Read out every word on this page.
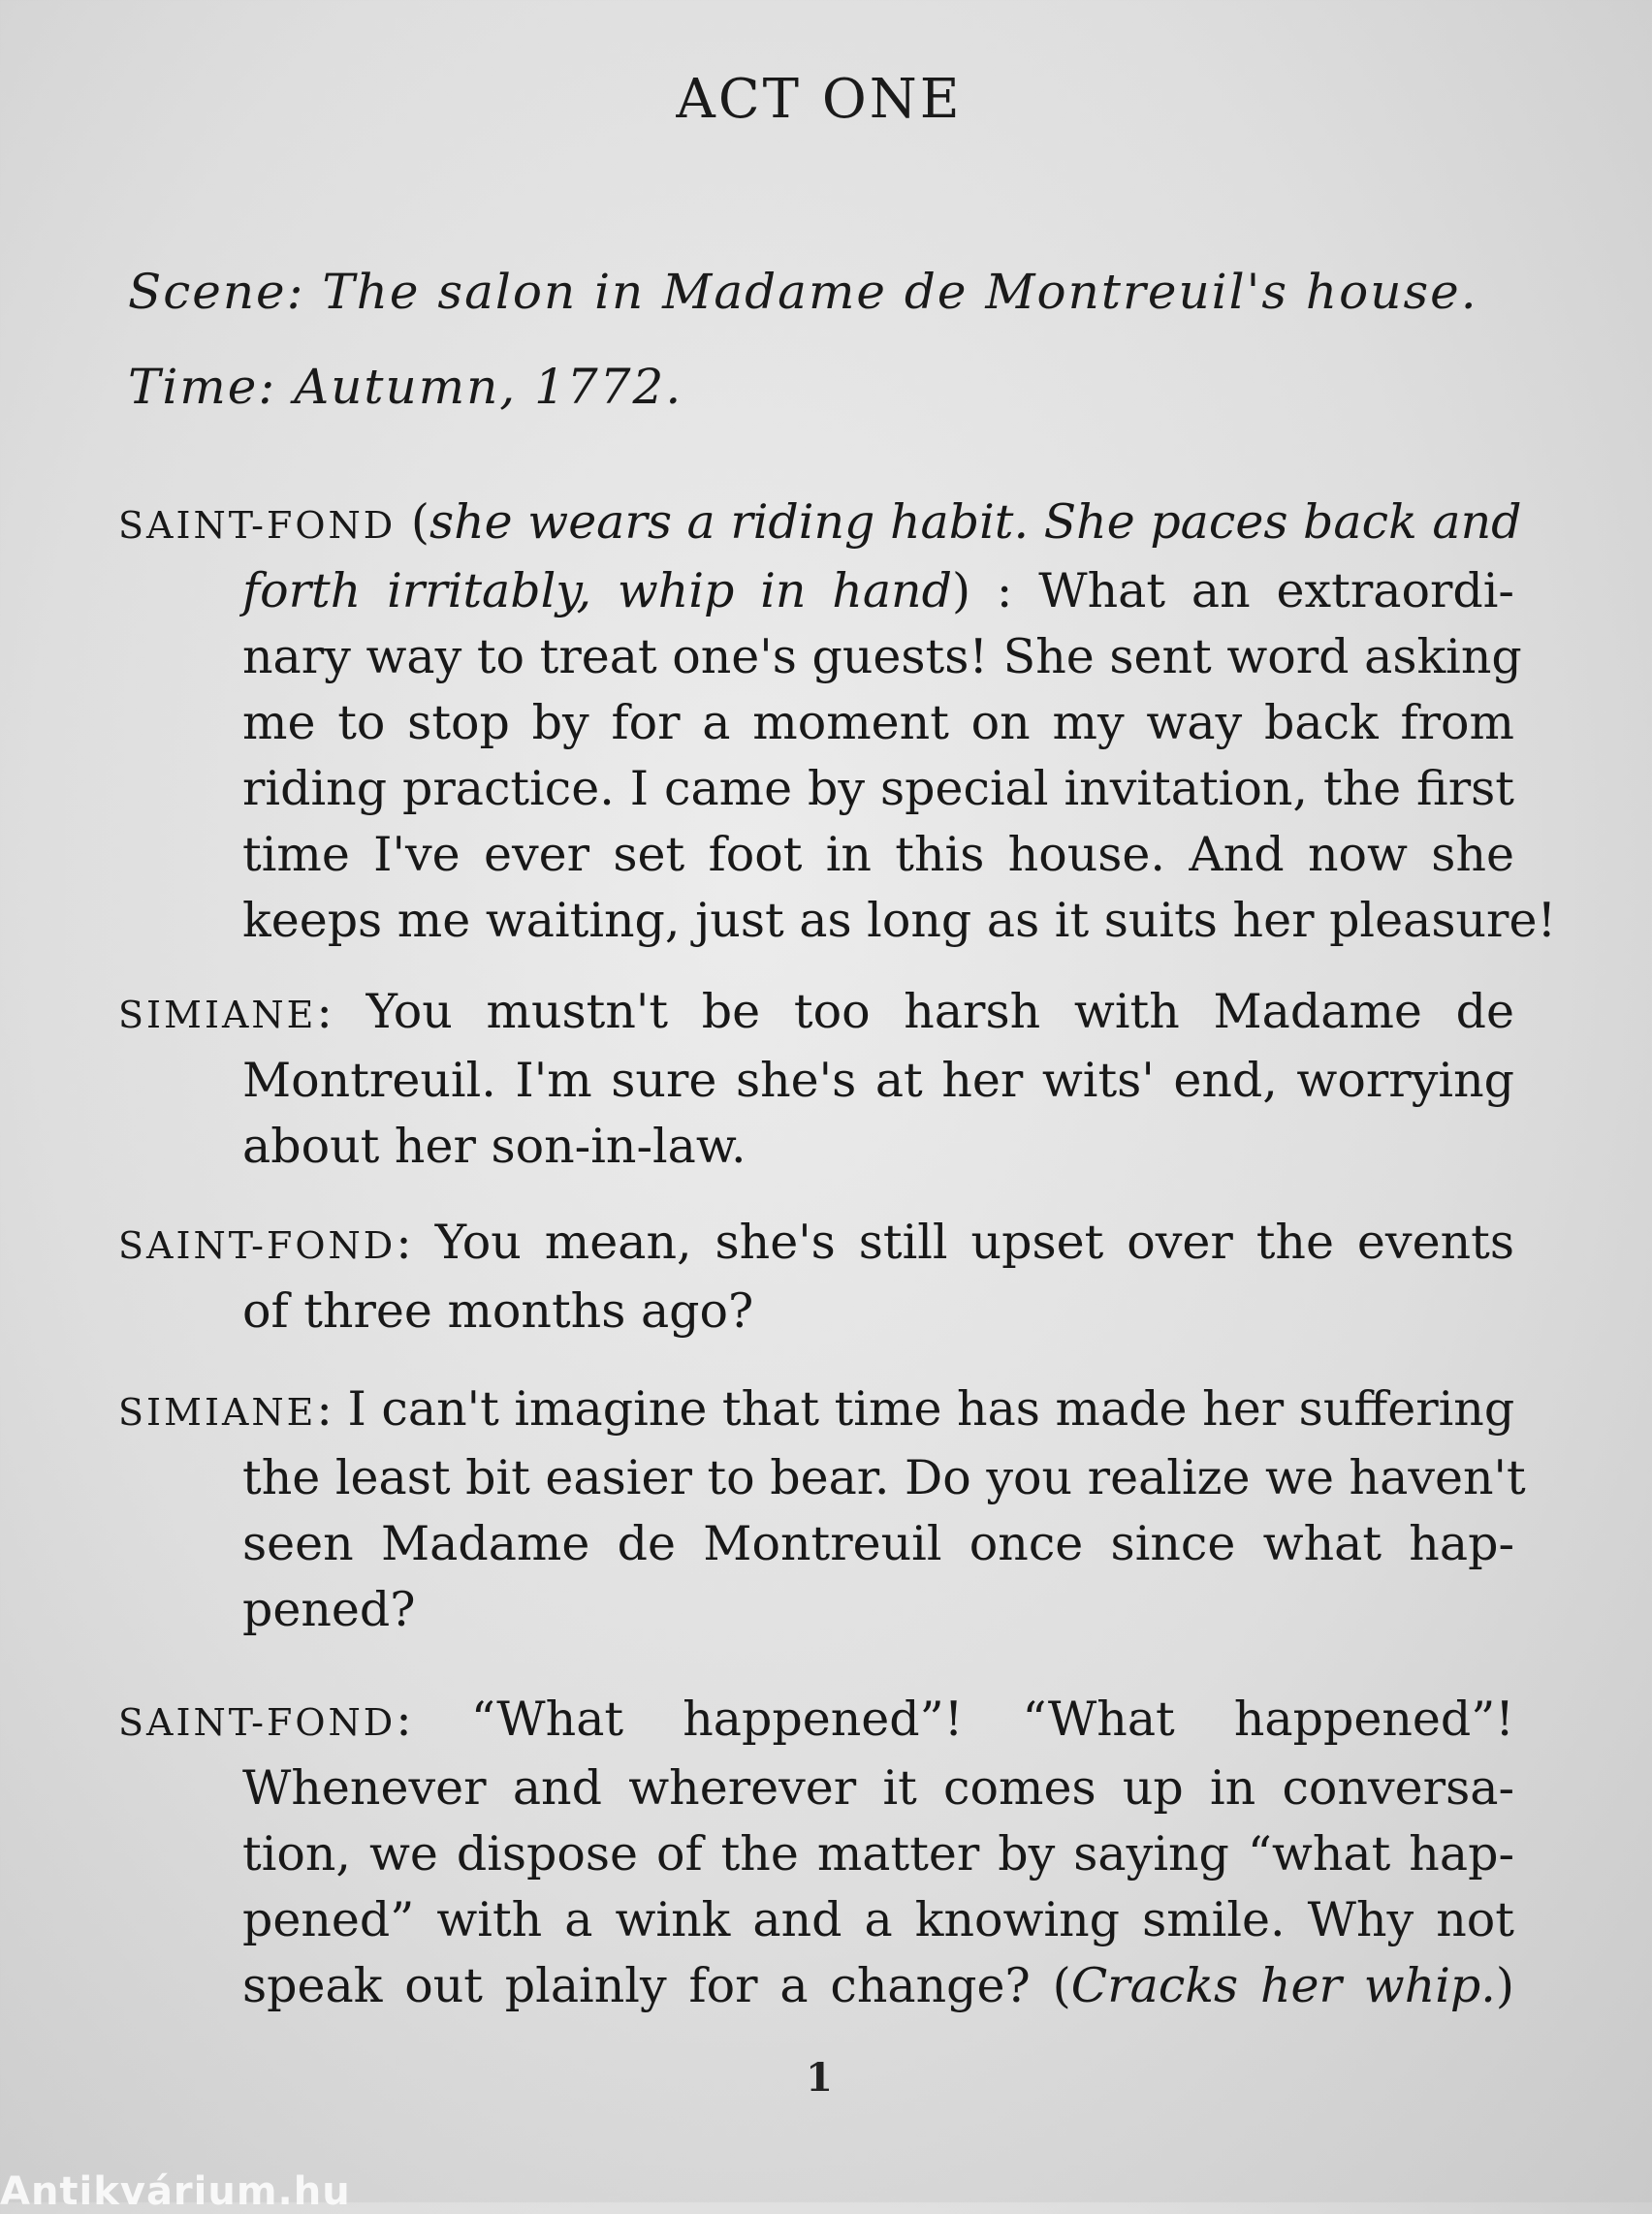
ACT ONE
Scene: The salon in Madame de Montreuil's house.
Time: Autumn, 1772.
SAINT-FOND (she wears a riding habit. She paces back and
forth irritably, whip in hand) : What an extraordi-
nary way to treat one's guests! She sent word asking
me to stop by for a moment on my way back from
riding practice. I came by special invitation, the first
time I've ever set foot in this house. And now she
keeps me waiting, just as long as it suits her pleasure!
SIMIANE: You mustn't be too harsh with Madame de
Montreuil. I'm sure she's at her wits' end, worrying
about her son-in-law.
SAINT-FOND: You mean, she's still upset over the events
of three months ago?
SIMIANE: I can't imagine that time has made her suffering
the least bit easier to bear. Do you realize we haven't
seen Madame de Montreuil once since what hap-
pened?
SAINT-FOND: “What happened”! “What happened”!
Whenever and wherever it comes up in conversa-
tion, we dispose of the matter by saying “what hap-
pened” with a wink and a knowing smile. Why not
speak out plainly for a change? (Cracks her whip.)
1
Antikvárium.hu
